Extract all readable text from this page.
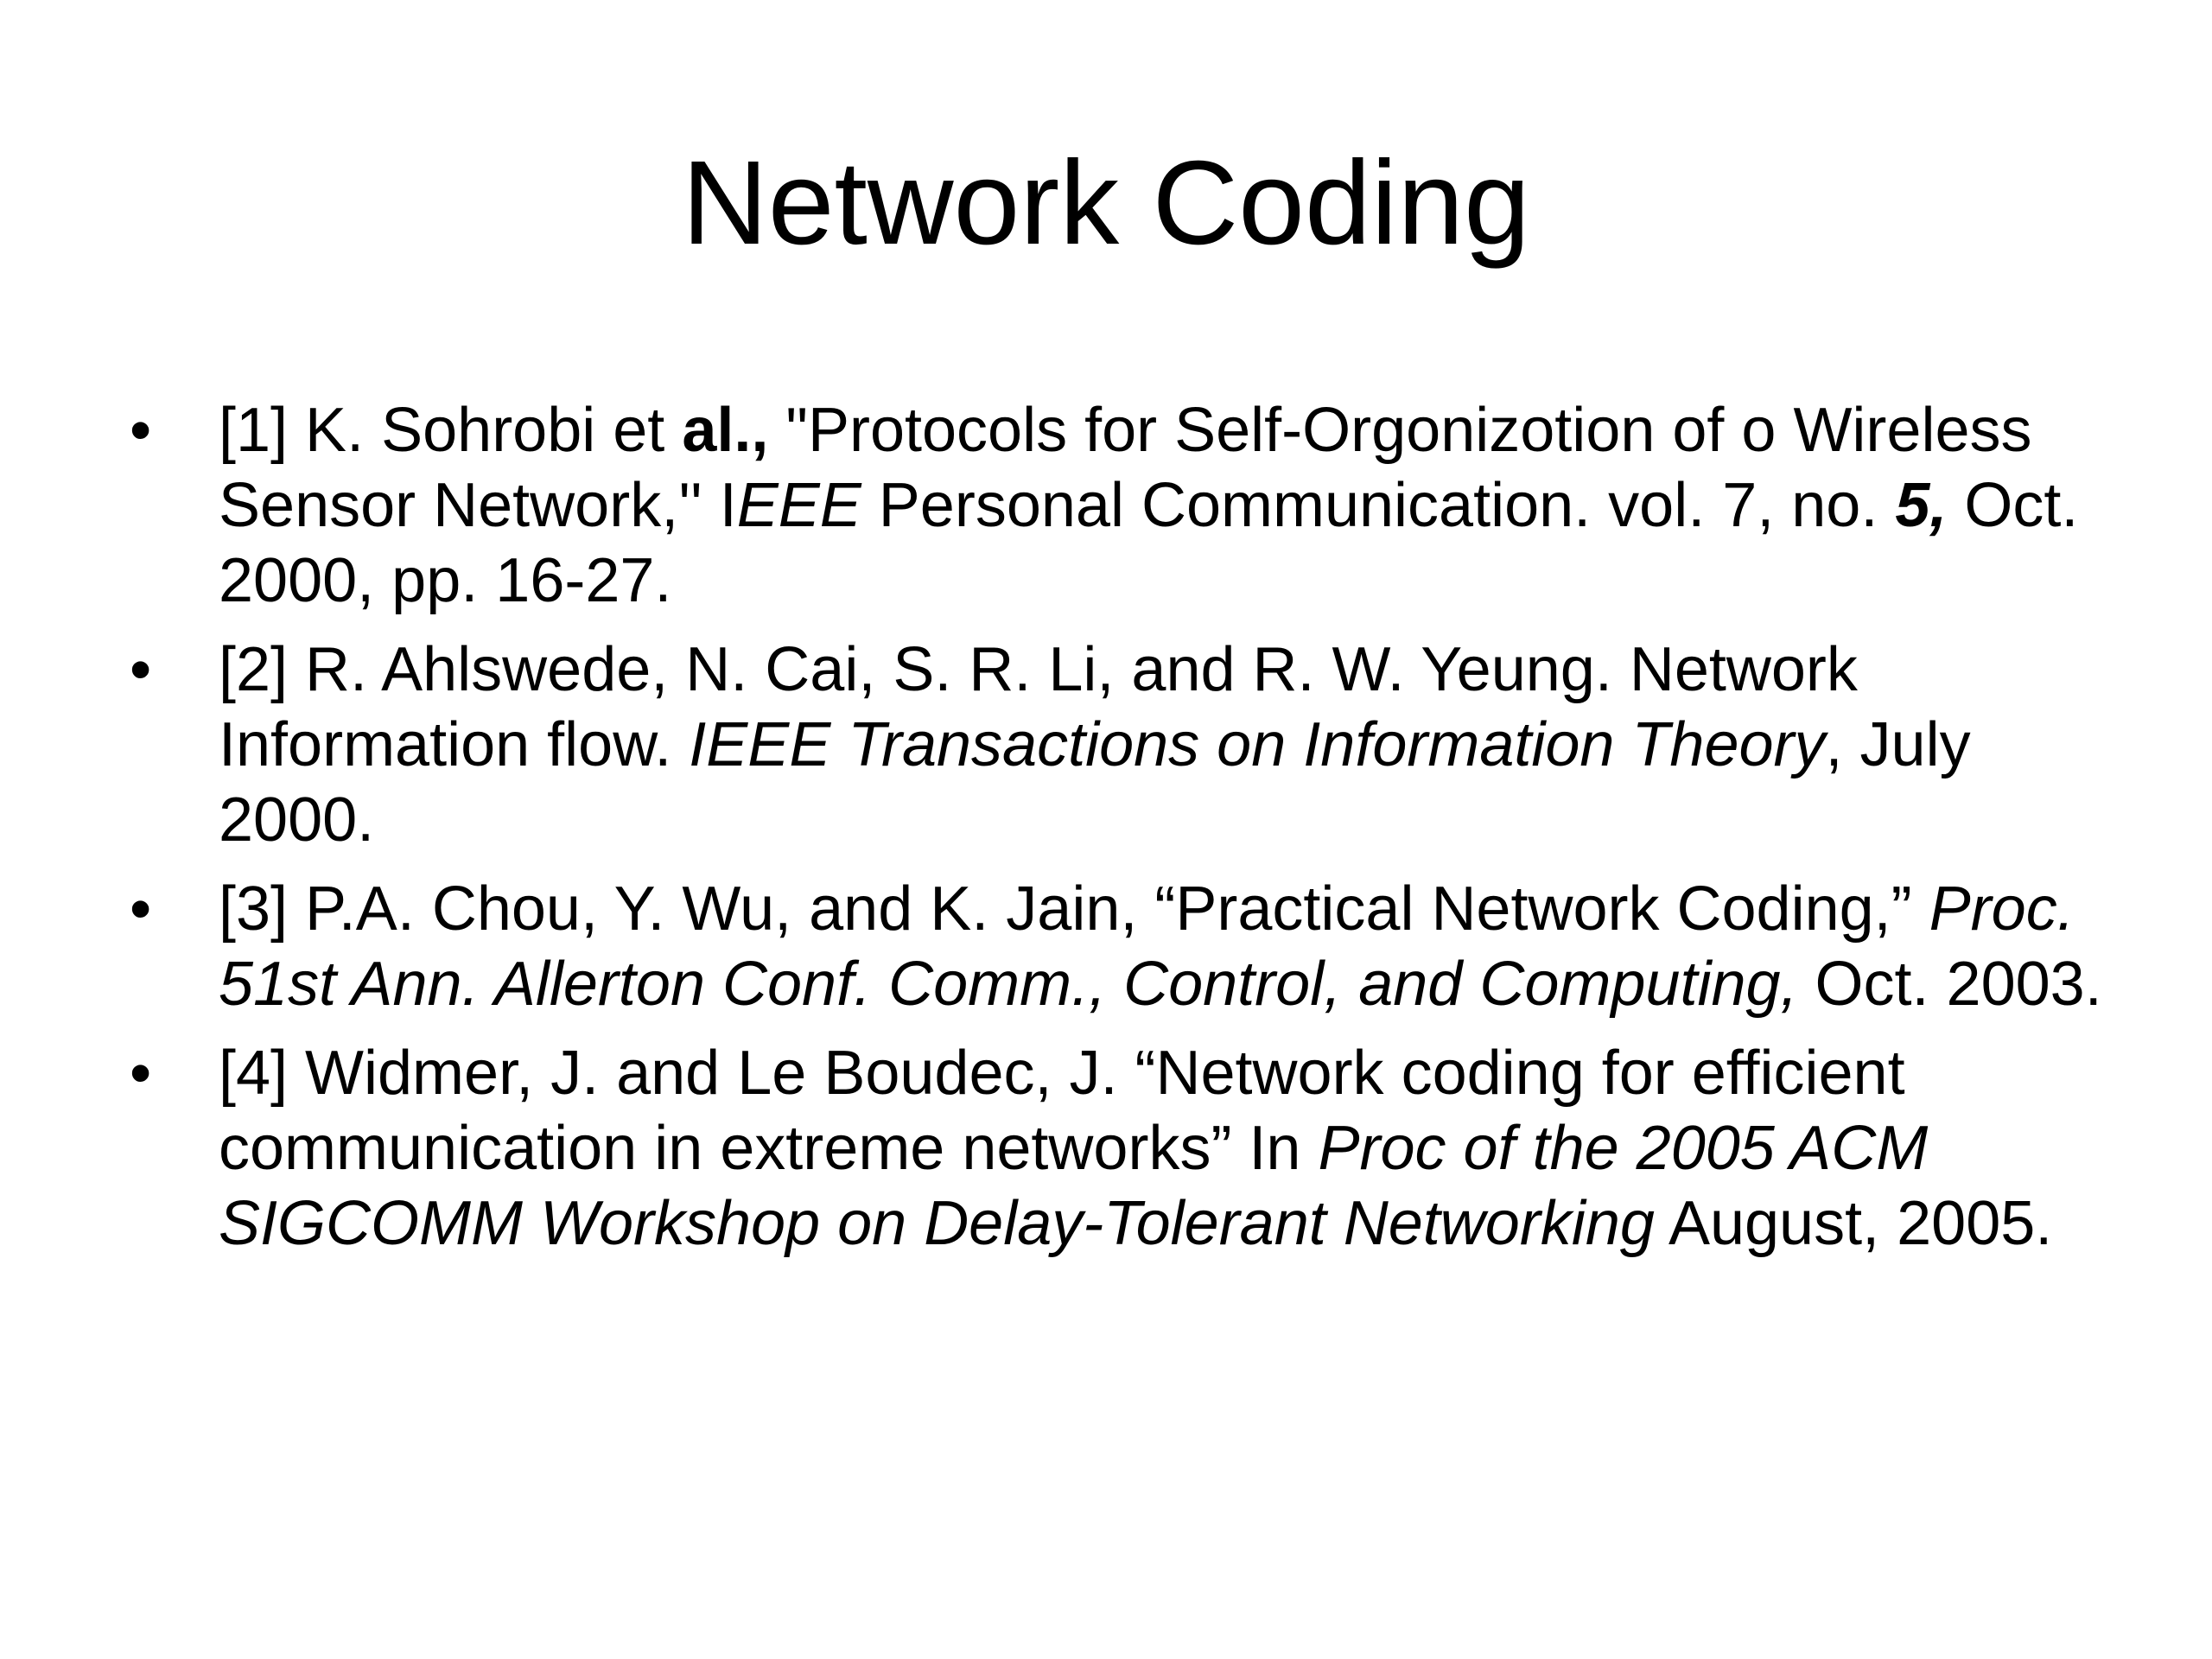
Network Coding
•	[1] K. Sohrobi et al., "Protocols for Self-Orgonizotion of o Wireless Sensor Network,'' IEEE Personal Communication. vol. 7, no. 5, Oct. 2000, pp. 16-27.
•	[2] R. Ahlswede, N. Cai, S. R. Li, and R. W. Yeung. Network Information flow. IEEE Transactions on Information Theory, July 2000.
•	[3] P.A. Chou, Y. Wu, and K. Jain, “Practical Network Coding,” Proc. 51st Ann. Allerton Conf. Comm., Control, and Computing, Oct. 2003.
•	[4] Widmer, J. and Le Boudec, J. “Network coding for efficient communication in extreme networks” In Proc of the 2005 ACM SIGCOMM Workshop on Delay-Tolerant Networking August, 2005.
